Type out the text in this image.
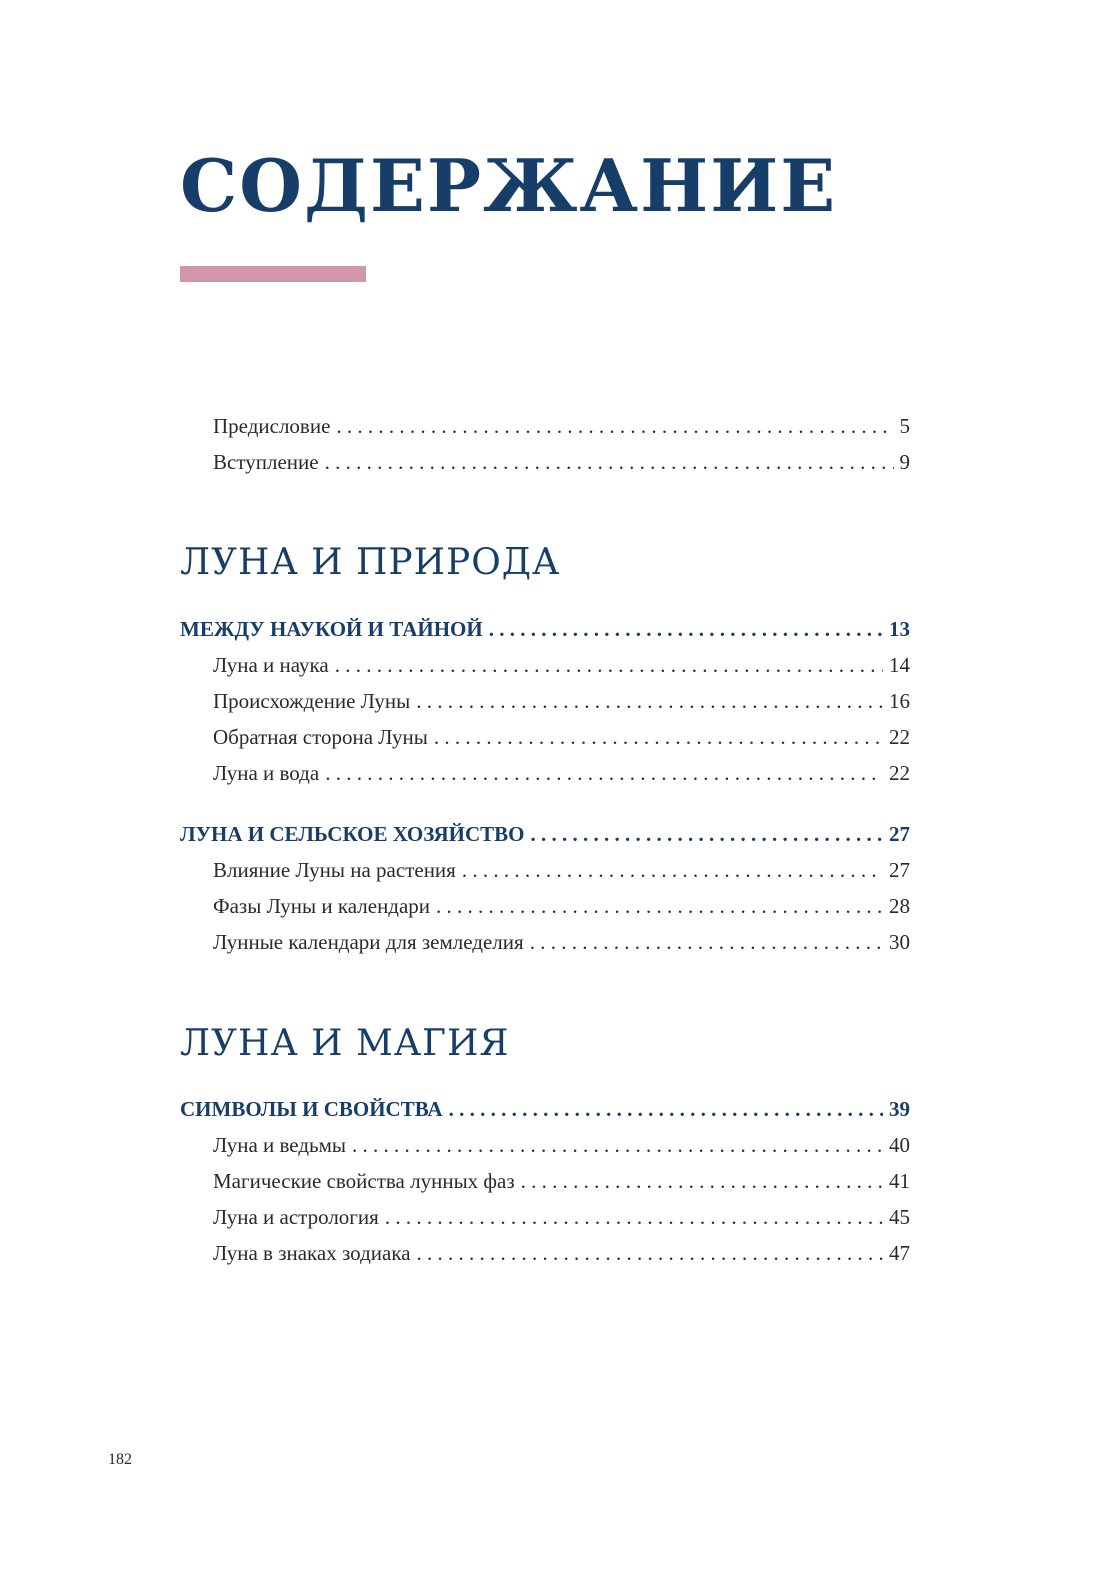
СОДЕРЖАНИЕ
Предисловие . . .	5
Вступление . . .	9
ЛУНА И ПРИРОДА
МЕЖДУ НАУКОЙ И ТАЙНОЙ . . .	13
Луна и наука . . .	14
Происхождение Луны . . .	16
Обратная сторона Луны . . .	22
Луна и вода . . .	22
ЛУНА И СЕЛЬСКОЕ ХОЗЯЙСТВО . . .	27
Влияние Луны на растения . . .	27
Фазы Луны и календари . . .	28
Лунные календари для земледелия . . .	30
ЛУНА И МАГИЯ
СИМВОЛЫ И СВОЙСТВА . . .	39
Луна и ведьмы . . .	40
Магические свойства лунных фаз . . .	41
Луна и астрология . . .	45
Луна в знаках зодиака . . .	47
182
